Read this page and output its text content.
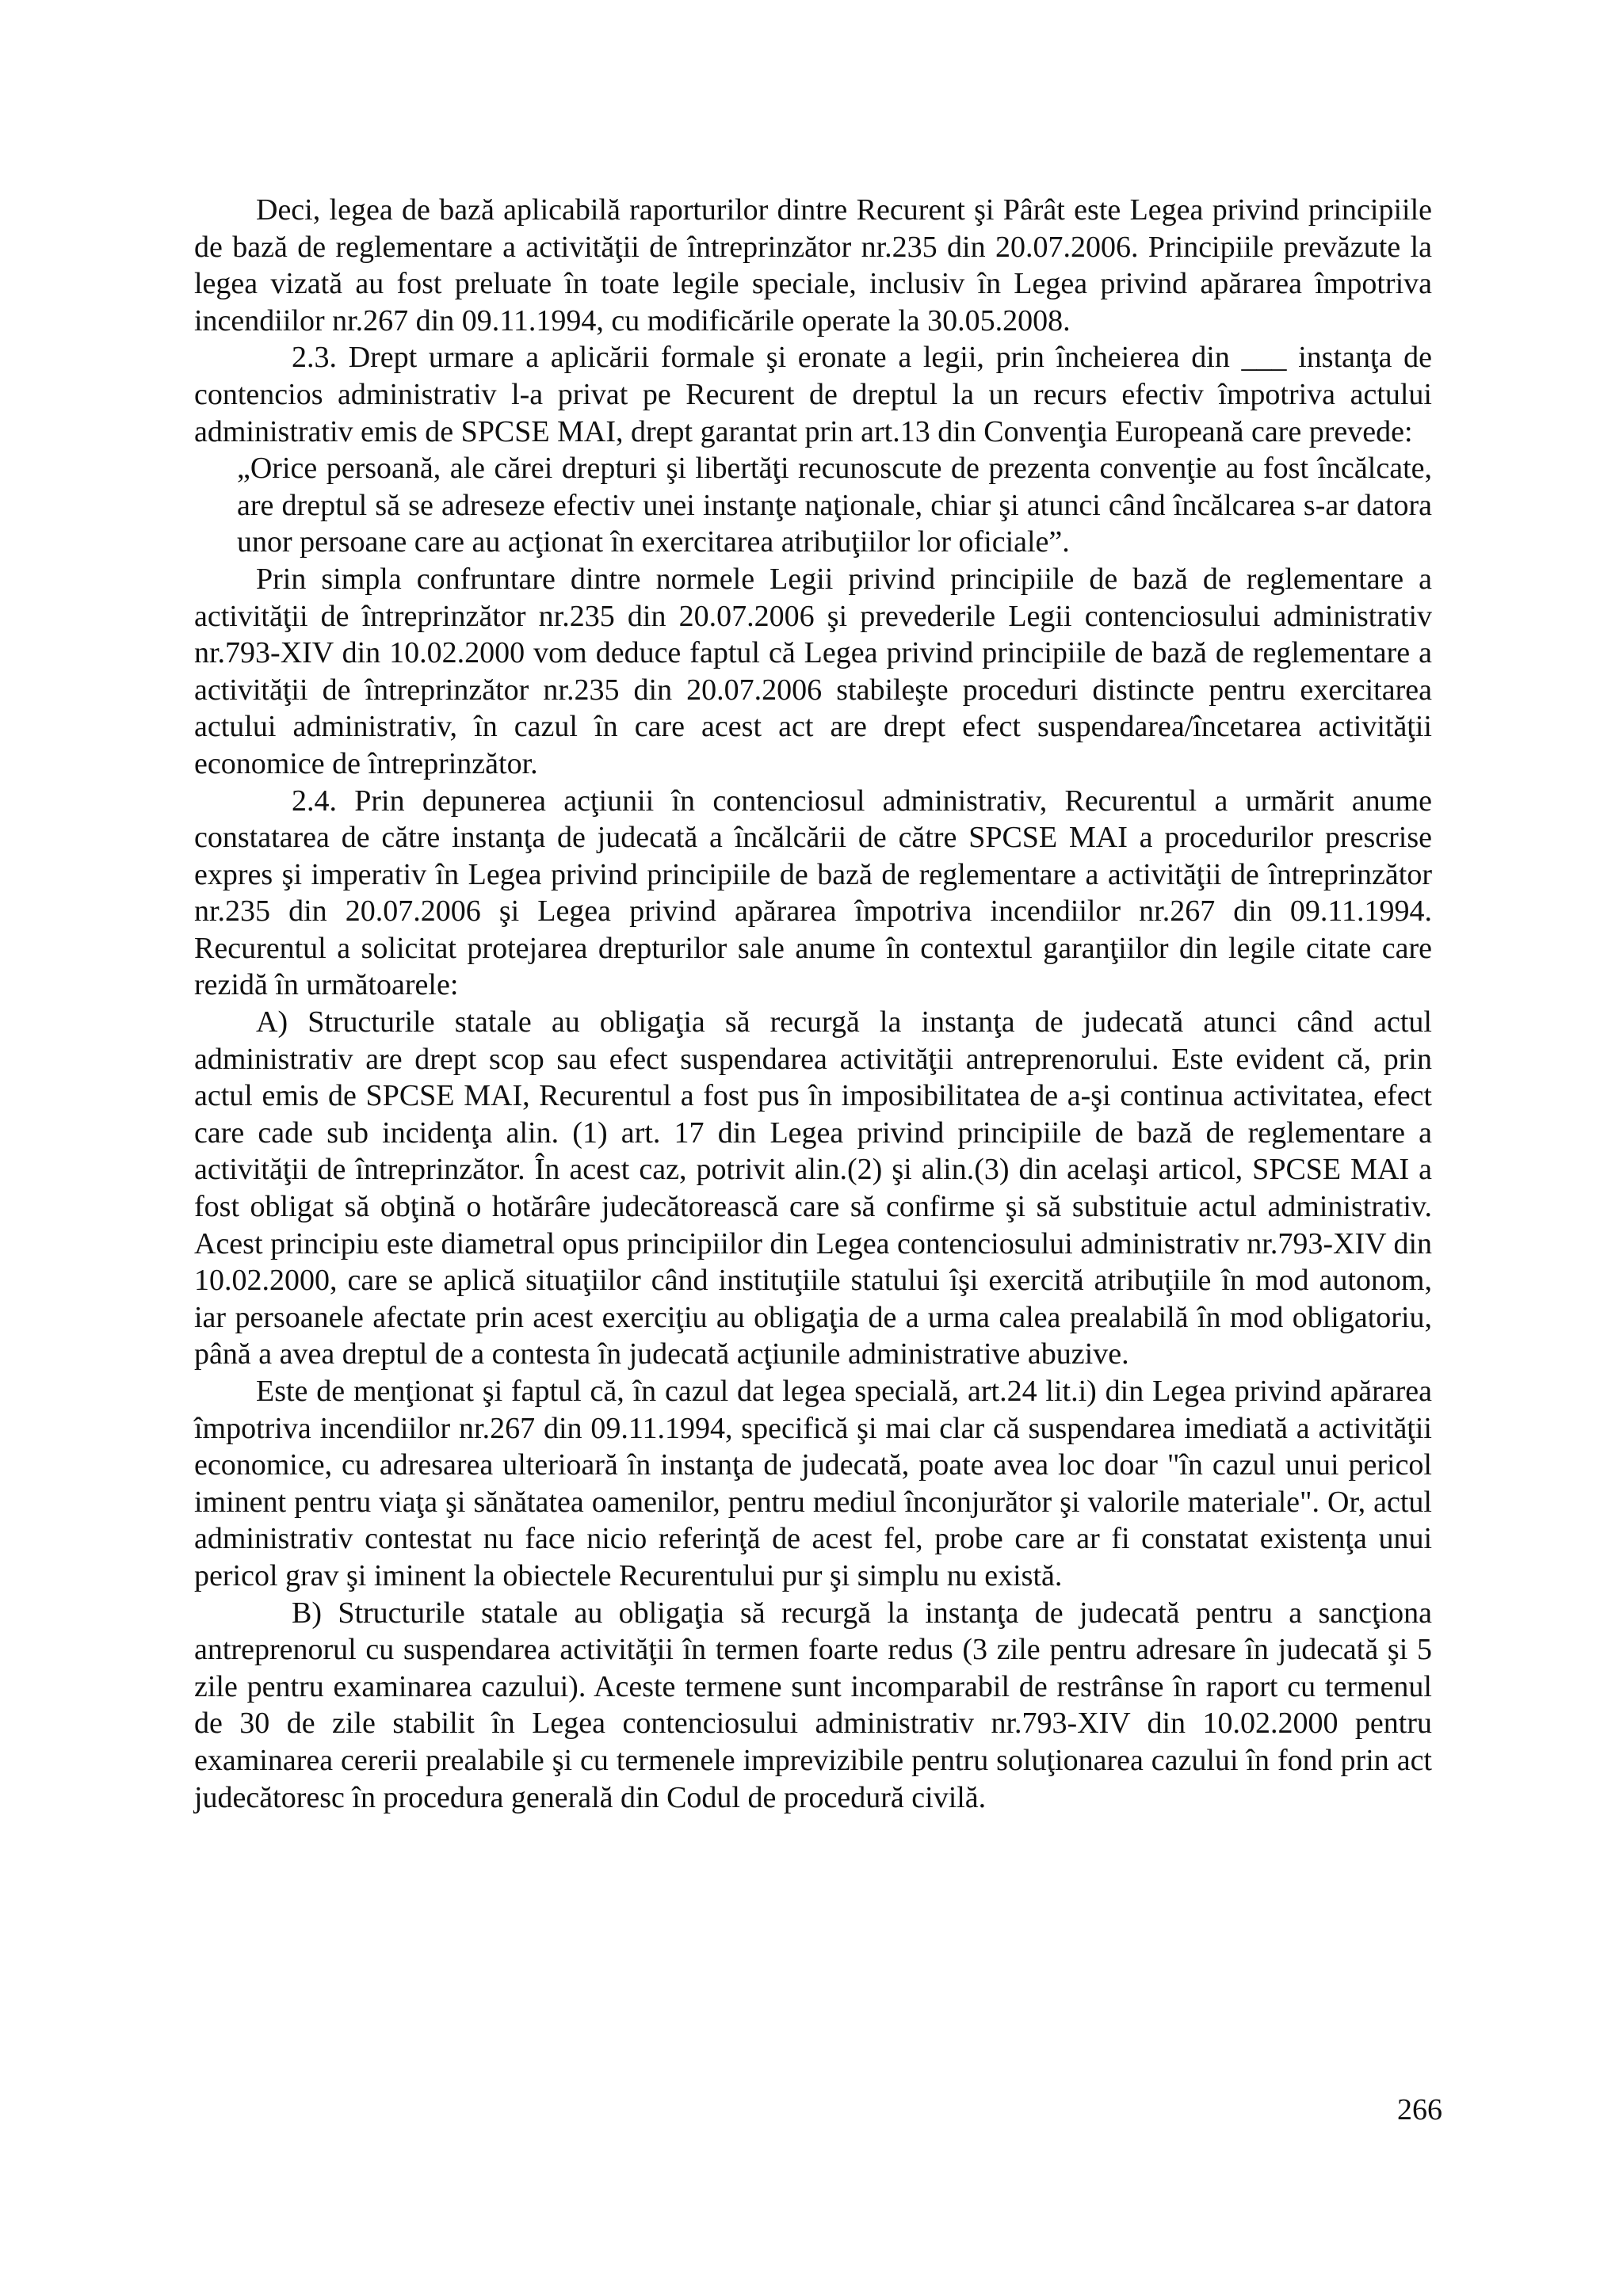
Deci, legea de bază aplicabilă raporturilor dintre Recurent şi Pârât este Legea privind principiile de bază de reglementare a activităţii de întreprinzător nr.235 din 20.07.2006. Principiile prevăzute la legea vizată au fost preluate în toate legile speciale, inclusiv în Legea privind apărarea împotriva incendiilor nr.267 din 09.11.1994, cu modificările operate la 30.05.2008.

2.3. Drept urmare a aplicării formale şi eronate a legii, prin încheierea din ___ instanţa de contencios administrativ l-a privat pe Recurent de dreptul la un recurs efectiv împotriva actului administrativ emis de SPCSE MAI, drept garantat prin art.13 din Convenţia Europeană care prevede:

„Orice persoană, ale cărei drepturi şi libertăţi recunoscute de prezenta convenţie au fost încălcate, are dreptul să se adreseze efectiv unei instanţe naţionale, chiar şi atunci când încălcarea s-ar datora unor persoane care au acţionat în exercitarea atribuţiilor lor oficiale”.

Prin simpla confruntare dintre normele Legii privind principiile de bază de reglementare a activităţii de întreprinzător nr.235 din 20.07.2006 şi prevederile Legii contenciosului administrativ nr.793-XIV din 10.02.2000 vom deduce faptul că Legea privind principiile de bază de reglementare a activităţii de întreprinzător nr.235 din 20.07.2006 stabileşte proceduri distincte pentru exercitarea actului administrativ, în cazul în care acest act are drept efect suspendarea/încetarea activităţii economice de întreprinzător.

2.4. Prin depunerea acţiunii în contenciosul administrativ, Recurentul a urmărit anume constatarea de către instanţa de judecată a încălcării de către SPCSE MAI a procedurilor prescrise expres şi imperativ în Legea privind principiile de bază de reglementare a activităţii de întreprinzător nr.235 din 20.07.2006 şi Legea privind apărarea împotriva incendiilor nr.267 din 09.11.1994. Recurentul a solicitat protejarea drepturilor sale anume în contextul garanţiilor din legile citate care rezidă în următoarele:

A) Structurile statale au obligaţia să recurgă la instanţa de judecată atunci când actul administrativ are drept scop sau efect suspendarea activităţii antreprenorului. Este evident că, prin actul emis de SPCSE MAI, Recurentul a fost pus în imposibilitatea de a-şi continua activitatea, efect care cade sub incidenţa alin. (1) art. 17 din Legea privind principiile de bază de reglementare a activităţii de întreprinzător. În acest caz, potrivit alin.(2) şi alin.(3) din acelaşi articol, SPCSE MAI a fost obligat să obţină o hotărâre judecătorească care să confirme şi să substituie actul administrativ. Acest principiu este diametral opus principiilor din Legea contenciosului administrativ nr.793-XIV din 10.02.2000, care se aplică situaţiilor când instituţiile statului îşi exercită atribuţiile în mod autonom, iar persoanele afectate prin acest exerciţiu au obligaţia de a urma calea prealabilă în mod obligatoriu, până a avea dreptul de a contesta în judecată acţiunile administrative abuzive.

Este de menţionat şi faptul că, în cazul dat legea specială, art.24 lit.i) din Legea privind apărarea împotriva incendiilor nr.267 din 09.11.1994, specifică şi mai clar că suspendarea imediată a activităţii economice, cu adresarea ulterioară în instanţa de judecată, poate avea loc doar "în cazul unui pericol iminent pentru viaţa şi sănătatea oamenilor, pentru mediul înconjurător şi valorile materiale". Or, actul administrativ contestat nu face nicio referinţă de acest fel, probe care ar fi constatat existenţa unui pericol grav şi iminent la obiectele Recurentului pur şi simplu nu există.

B) Structurile statale au obligaţia să recurgă la instanţa de judecată pentru a sancţiona antreprenorul cu suspendarea activităţii în termen foarte redus (3 zile pentru adresare în judecată şi 5 zile pentru examinarea cazului). Aceste termene sunt incomparabil de restrânse în raport cu termenul de 30 de zile stabilit în Legea contenciosului administrativ nr.793-XIV din 10.02.2000 pentru examinarea cererii prealabile şi cu termenele imprevizibile pentru soluţionarea cazului în fond prin act judecătoresc în procedura generală din Codul de procedură civilă.

266
